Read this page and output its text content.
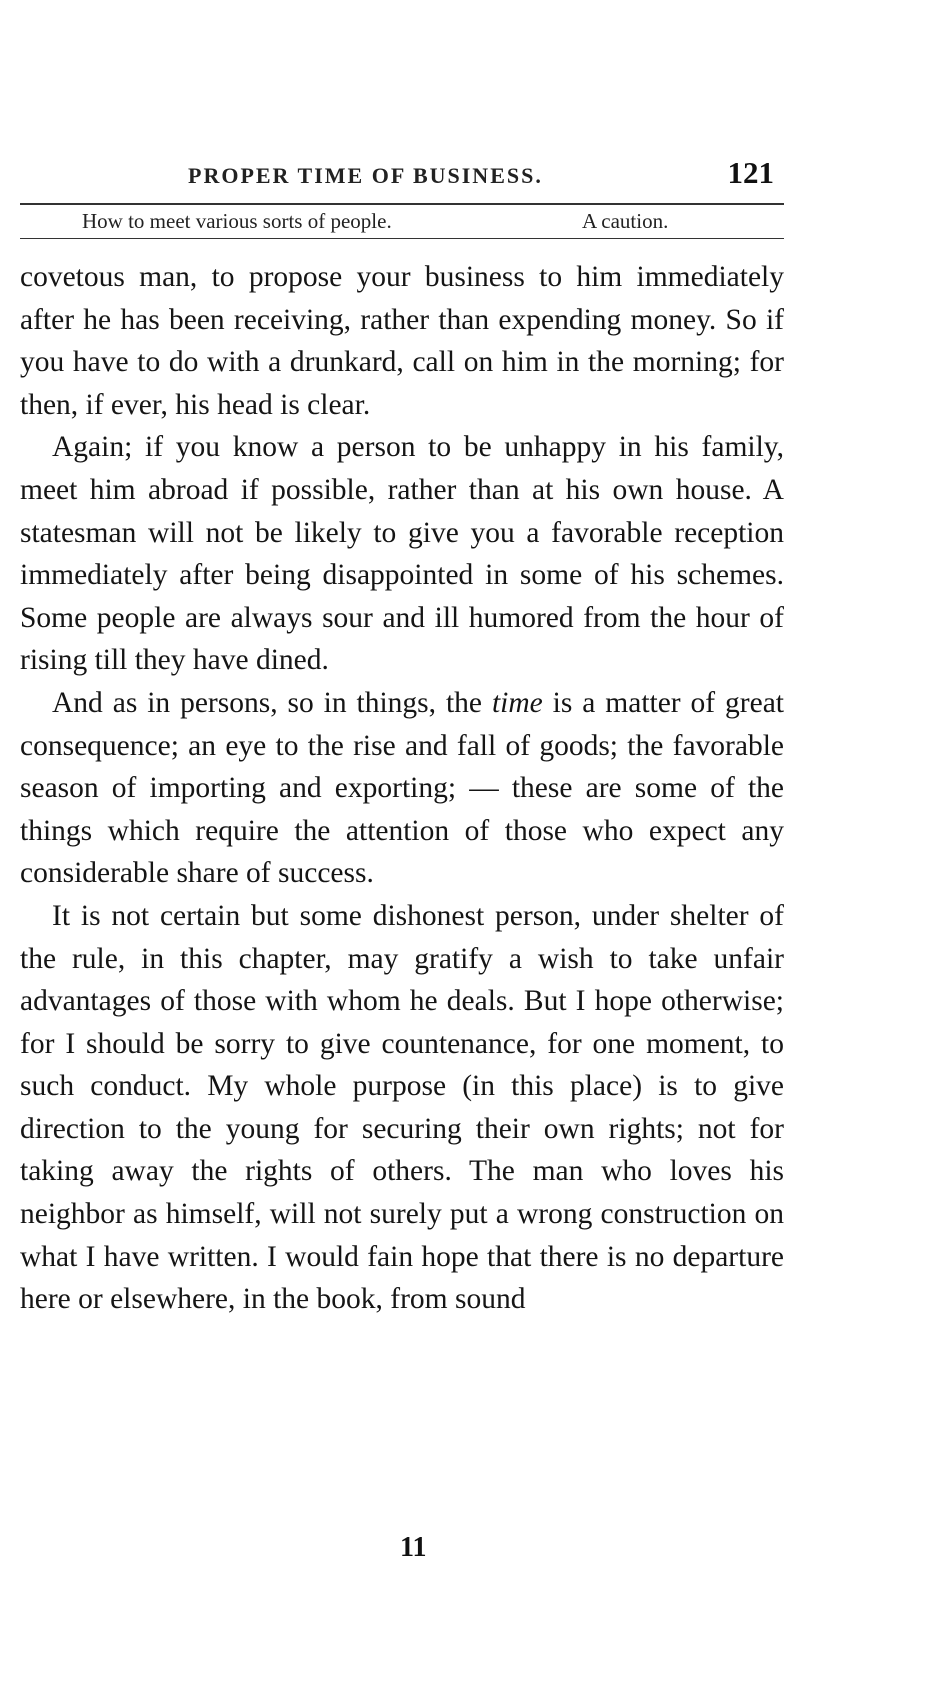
PROPER TIME OF BUSINESS.	121
How to meet various sorts of people.	A caution.

covetous man, to propose your business to him immediately after he has been receiving, rather than expending money. So if you have to do with a drunkard, call on him in the morning; for then, if ever, his head is clear.

Again; if you know a person to be unhappy in his family, meet him abroad if possible, rather than at his own house. A statesman will not be likely to give you a favorable reception immediately after being disappointed in some of his schemes. Some people are always sour and ill humored from the hour of rising till they have dined.

And as in persons, so in things, the time is a matter of great consequence; an eye to the rise and fall of goods; the favorable season of importing and exporting; — these are some of the things which require the attention of those who expect any considerable share of success.

It is not certain but some dishonest person, under shelter of the rule, in this chapter, may gratify a wish to take unfair advantages of those with whom he deals. But I hope otherwise; for I should be sorry to give countenance, for one moment, to such conduct. My whole purpose (in this place) is to give direction to the young for securing their own rights; not for taking away the rights of others. The man who loves his neighbor as himself, will not surely put a wrong construction on what I have written. I would fain hope that there is no departure here or elsewhere, in the book, from sound

11
